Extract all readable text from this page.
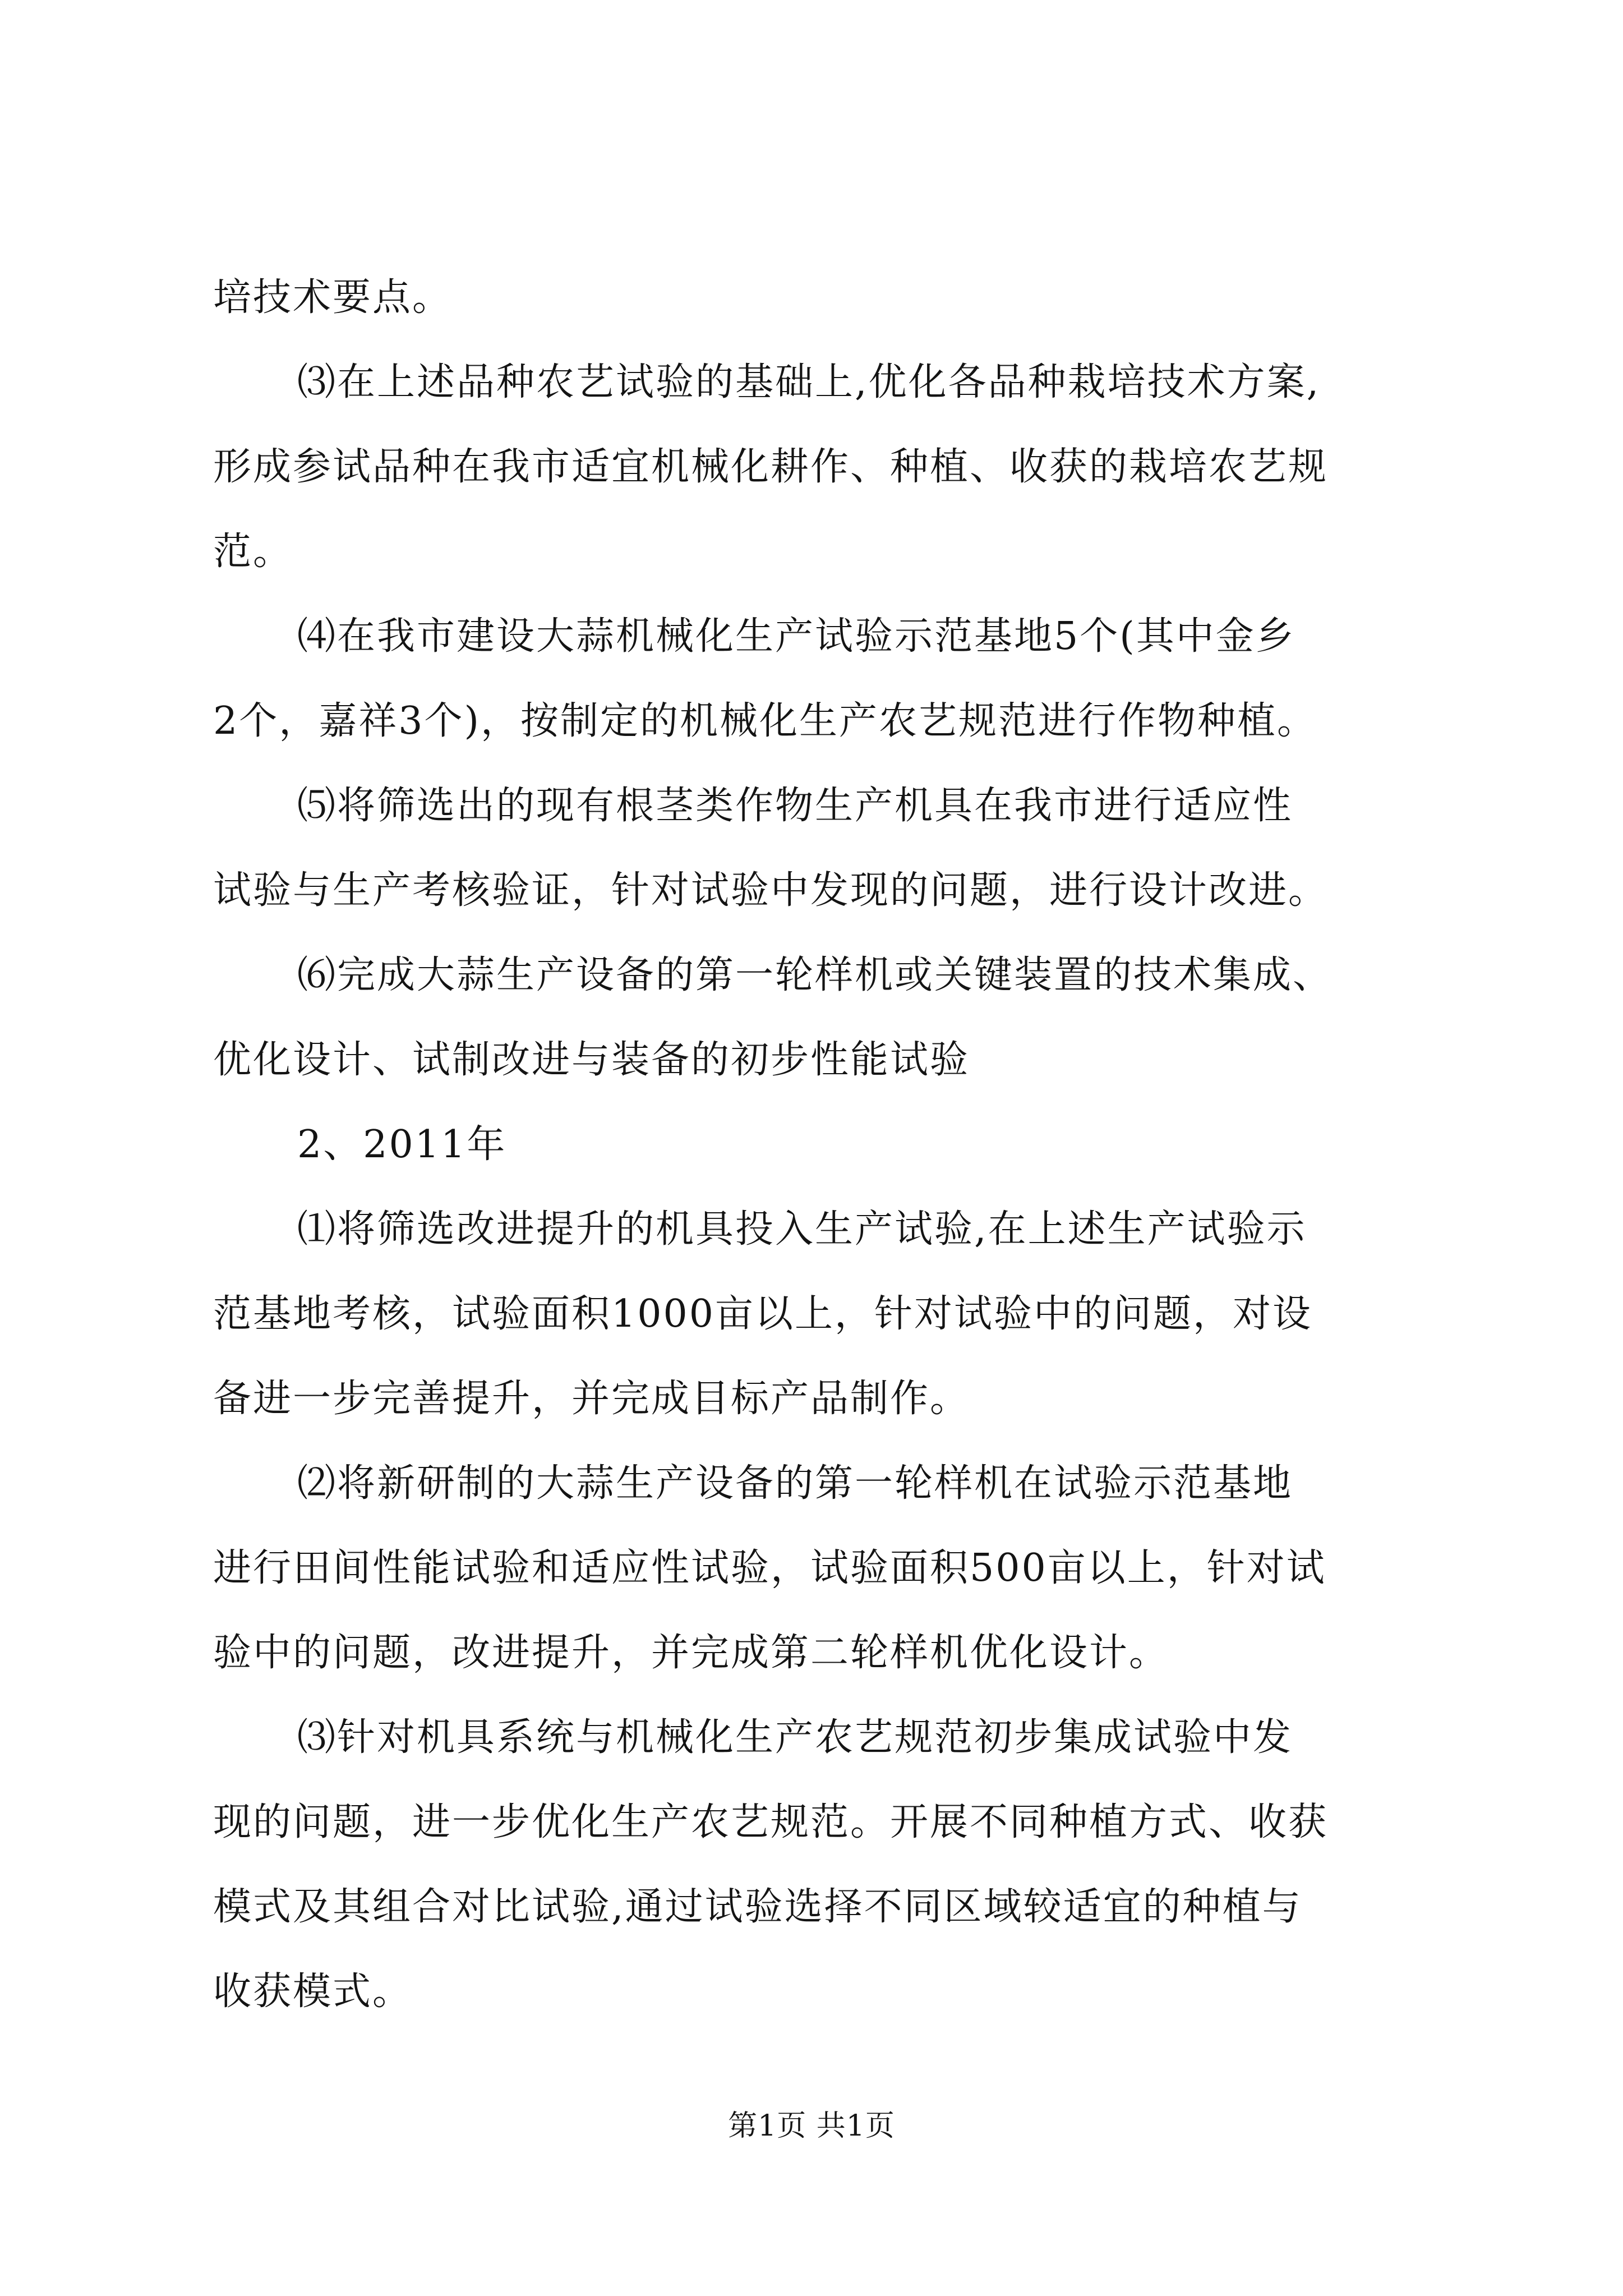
培技术要点。

⑶在上述品种农艺试验的基础上,优化各品种栽培技术方案,

形成参试品种在我市适宜机械化耕作、种植、收获的栽培农艺规

范。

⑷在我市建设大蒜机械化生产试验示范基地5个(其中金乡

2个，嘉祥3个)，按制定的机械化生产农艺规范进行作物种植。

⑸将筛选出的现有根茎类作物生产机具在我市进行适应性

试验与生产考核验证，针对试验中发现的问题，进行设计改进。

⑹完成大蒜生产设备的第一轮样机或关键装置的技术集成、

优化设计、试制改进与装备的初步性能试验

2、2011年

⑴将筛选改进提升的机具投入生产试验,在上述生产试验示

范基地考核，试验面积1000亩以上，针对试验中的问题，对设

备进一步完善提升，并完成目标产品制作。

⑵将新研制的大蒜生产设备的第一轮样机在试验示范基地

进行田间性能试验和适应性试验，试验面积500亩以上，针对试

验中的问题，改进提升，并完成第二轮样机优化设计。

⑶针对机具系统与机械化生产农艺规范初步集成试验中发

现的问题，进一步优化生产农艺规范。开展不同种植方式、收获

模式及其组合对比试验,通过试验选择不同区域较适宜的种植与

收获模式。

第1页 共1页
